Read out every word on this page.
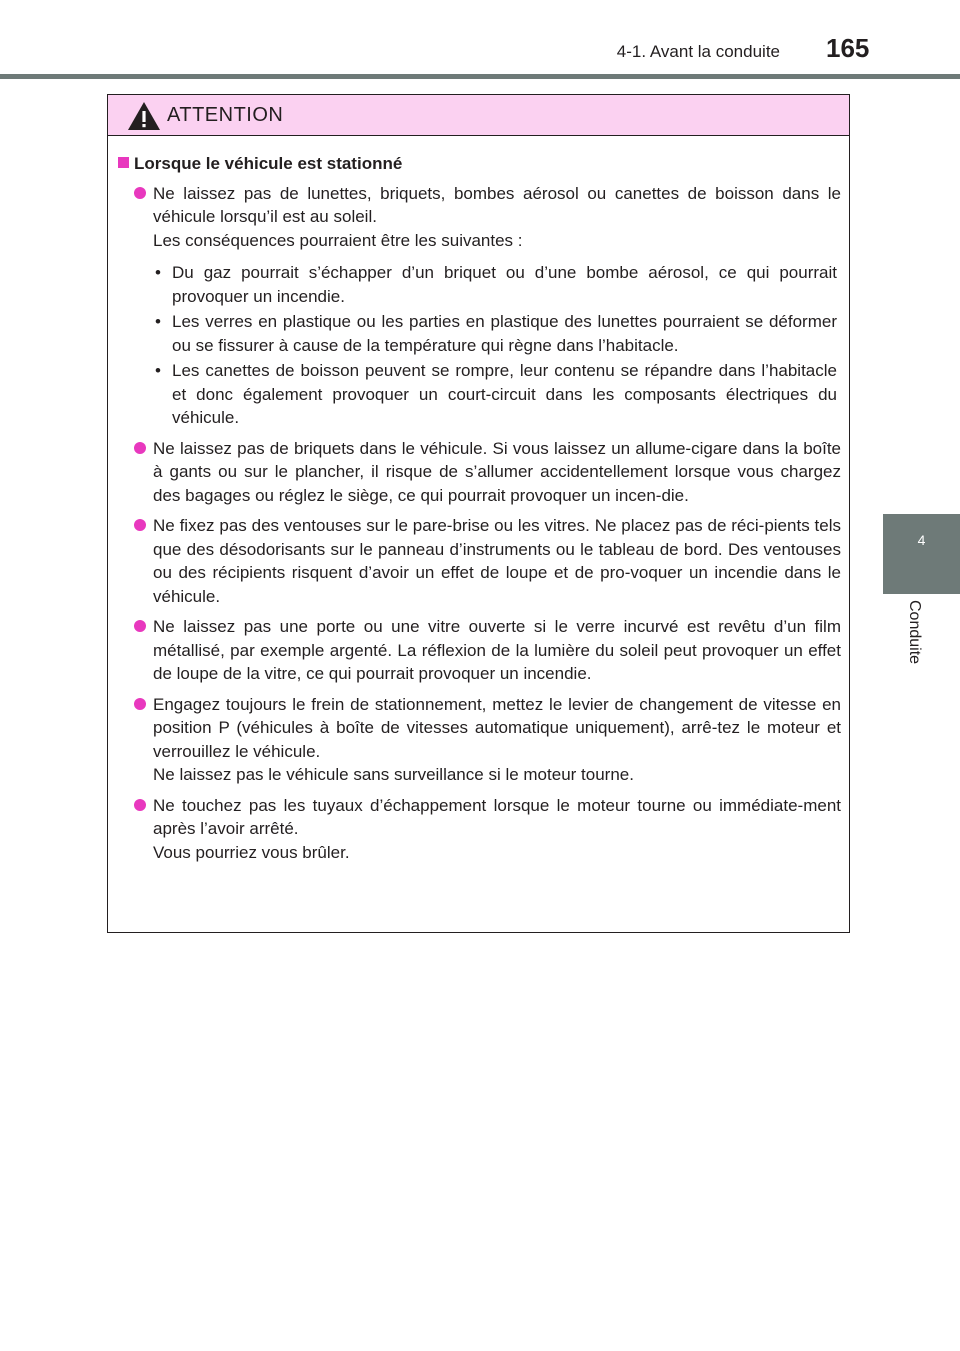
4-1. Avant la conduite 165
4
Conduite
ATTENTION
Lorsque le véhicule est stationné

Ne laissez pas de lunettes, briquets, bombes aérosol ou canettes de boisson dans le véhicule lorsqu’il est au soleil.

Les conséquences pourraient être les suivantes :

• Du gaz pourrait s’échapper d’un briquet ou d’une bombe aérosol, ce qui pourrait provoquer un incendie.
• Les verres en plastique ou les parties en plastique des lunettes pourraient se déformer ou se fissurer à cause de la température qui règne dans l’habitacle.
• Les canettes de boisson peuvent se rompre, leur contenu se répandre dans l’habitacle et donc également provoquer un court-circuit dans les composants électriques du véhicule.

Ne laissez pas de briquets dans le véhicule. Si vous laissez un allume-cigare dans la boîte à gants ou sur le plancher, il risque de s’allumer accidentellement lorsque vous chargez des bagages ou réglez le siège, ce qui pourrait provoquer un incen-die.

Ne fixez pas des ventouses sur le pare-brise ou les vitres. Ne placez pas de réci-pients tels que des désodorisants sur le panneau d’instruments ou le tableau de bord. Des ventouses ou des récipients risquent d’avoir un effet de loupe et de pro-voquer un incendie dans le véhicule.

Ne laissez pas une porte ou une vitre ouverte si le verre incurvé est revêtu d’un film métallisé, par exemple argenté. La réflexion de la lumière du soleil peut provoquer un effet de loupe de la vitre, ce qui pourrait provoquer un incendie.

Engagez toujours le frein de stationnement, mettez le levier de changement de vitesse en position P (véhicules à boîte de vitesses automatique uniquement), arrê-tez le moteur et verrouillez le véhicule.

Ne laissez pas le véhicule sans surveillance si le moteur tourne.

Ne touchez pas les tuyaux d’échappement lorsque le moteur tourne ou immédiate-ment après l’avoir arrêté.

Vous pourriez vous brûler.
